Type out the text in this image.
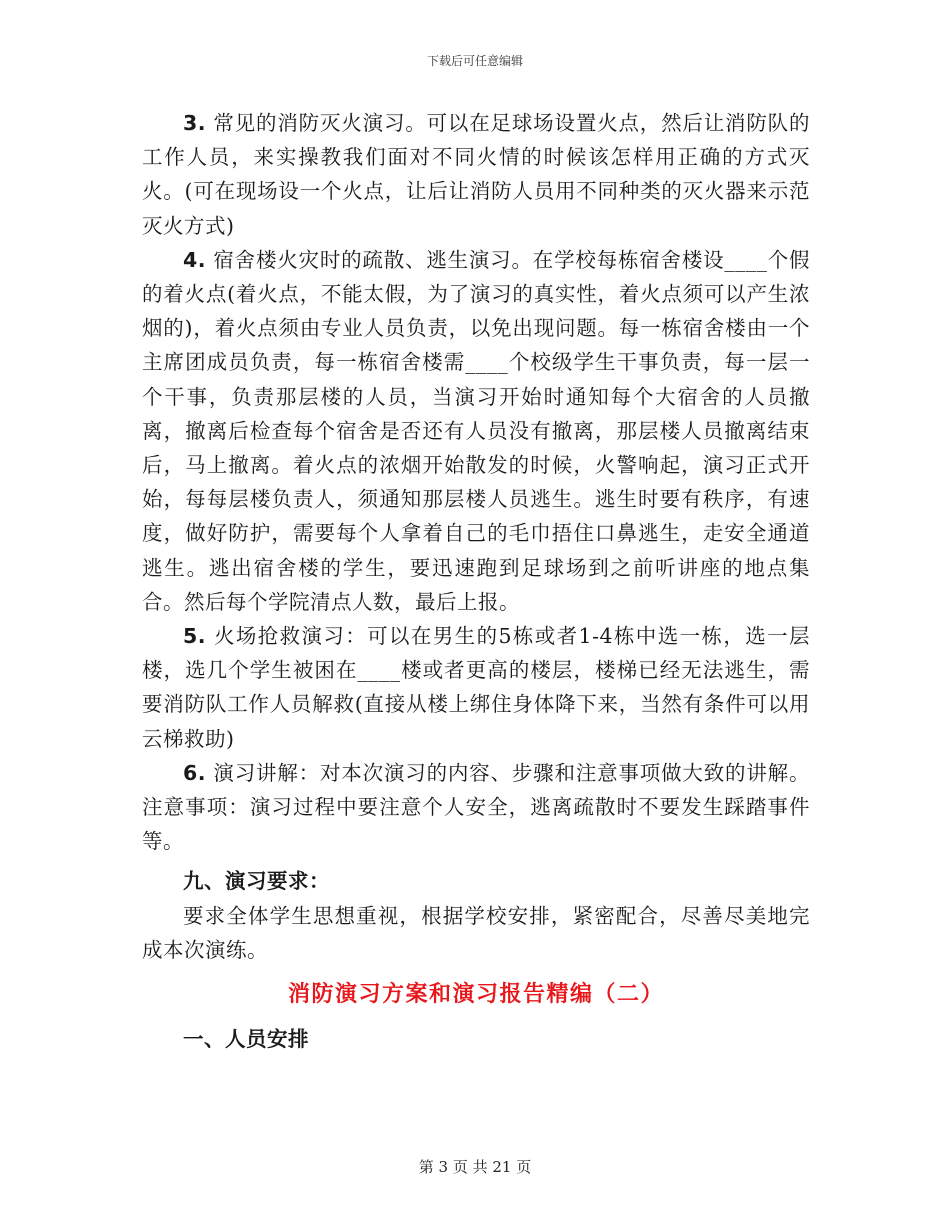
下载后可任意编辑

3. 常见的消防灭火演习。可以在足球场设置火点，然后让消防队的工作人员，来实操教我们面对不同火情的时候该怎样用正确的方式灭火。(可在现场设一个火点，让后让消防人员用不同种类的灭火器来示范灭火方式)

4. 宿舍楼火灾时的疏散、逃生演习。在学校每栋宿舍楼设____个假的着火点(着火点，不能太假，为了演习的真实性，着火点须可以产生浓烟的)，着火点须由专业人员负责，以免出现问题。每一栋宿舍楼由一个主席团成员负责，每一栋宿舍楼需____个校级学生干事负责，每一层一个干事，负责那层楼的人员，当演习开始时通知每个大宿舍的人员撤离，撤离后检查每个宿舍是否还有人员没有撤离，那层楼人员撤离结束后，马上撤离。着火点的浓烟开始散发的时候，火警响起，演习正式开始，每每层楼负责人，须通知那层楼人员逃生。逃生时要有秩序，有速度，做好防护，需要每个人拿着自己的毛巾捂住口鼻逃生，走安全通道逃生。逃出宿舍楼的学生，要迅速跑到足球场到之前听讲座的地点集合。然后每个学院清点人数，最后上报。

5. 火场抢救演习：可以在男生的5栋或者1-4栋中选一栋，选一层楼，选几个学生被困在____楼或者更高的楼层，楼梯已经无法逃生，需要消防队工作人员解救(直接从楼上绑住身体降下来，当然有条件可以用云梯救助)

6. 演习讲解：对本次演习的内容、步骤和注意事项做大致的讲解。注意事项：演习过程中要注意个人安全，逃离疏散时不要发生踩踏事件等。

九、演习要求：

要求全体学生思想重视，根据学校安排，紧密配合，尽善尽美地完成本次演练。

消防演习方案和演习报告精编（二）

一、人员安排

第 3 页 共 21 页
